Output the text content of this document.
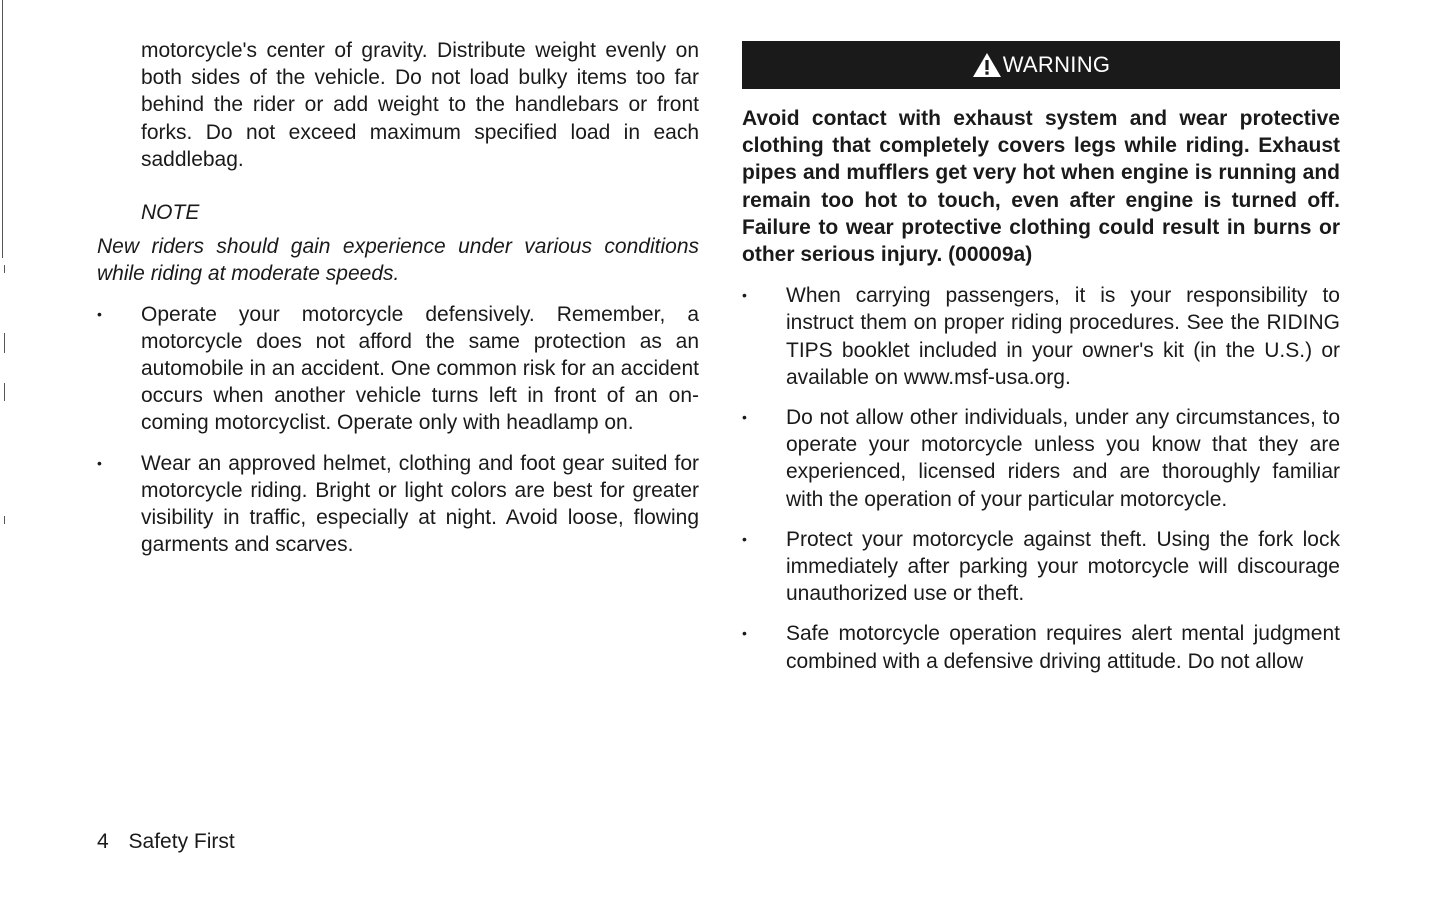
motorcycle's center of gravity. Distribute weight evenly on both sides of the vehicle. Do not load bulky items too far behind the rider or add weight to the handlebars or front forks. Do not exceed maximum specified load in each saddlebag.

NOTE

New riders should gain experience under various conditions while riding at moderate speeds.

• Operate your motorcycle defensively. Remember, a motorcycle does not afford the same protection as an automobile in an accident. One common risk for an accident occurs when another vehicle turns left in front of an on-coming motorcyclist. Operate only with headlamp on.
• Wear an approved helmet, clothing and foot gear suited for motorcycle riding. Bright or light colors are best for greater visibility in traffic, especially at night. Avoid loose, flowing garments and scarves.
WARNING

Avoid contact with exhaust system and wear protective clothing that completely covers legs while riding. Exhaust pipes and mufflers get very hot when engine is running and remain too hot to touch, even after engine is turned off. Failure to wear protective clothing could result in burns or other serious injury. (00009a)

• When carrying passengers, it is your responsibility to instruct them on proper riding procedures. See the RIDING TIPS booklet included in your owner's kit (in the U.S.) or available on www.msf-usa.org.
• Do not allow other individuals, under any circumstances, to operate your motorcycle unless you know that they are experienced, licensed riders and are thoroughly familiar with the operation of your particular motorcycle.
• Protect your motorcycle against theft. Using the fork lock immediately after parking your motorcycle will discourage unauthorized use or theft.
• Safe motorcycle operation requires alert mental judgment combined with a defensive driving attitude. Do not allow
4 Safety First
